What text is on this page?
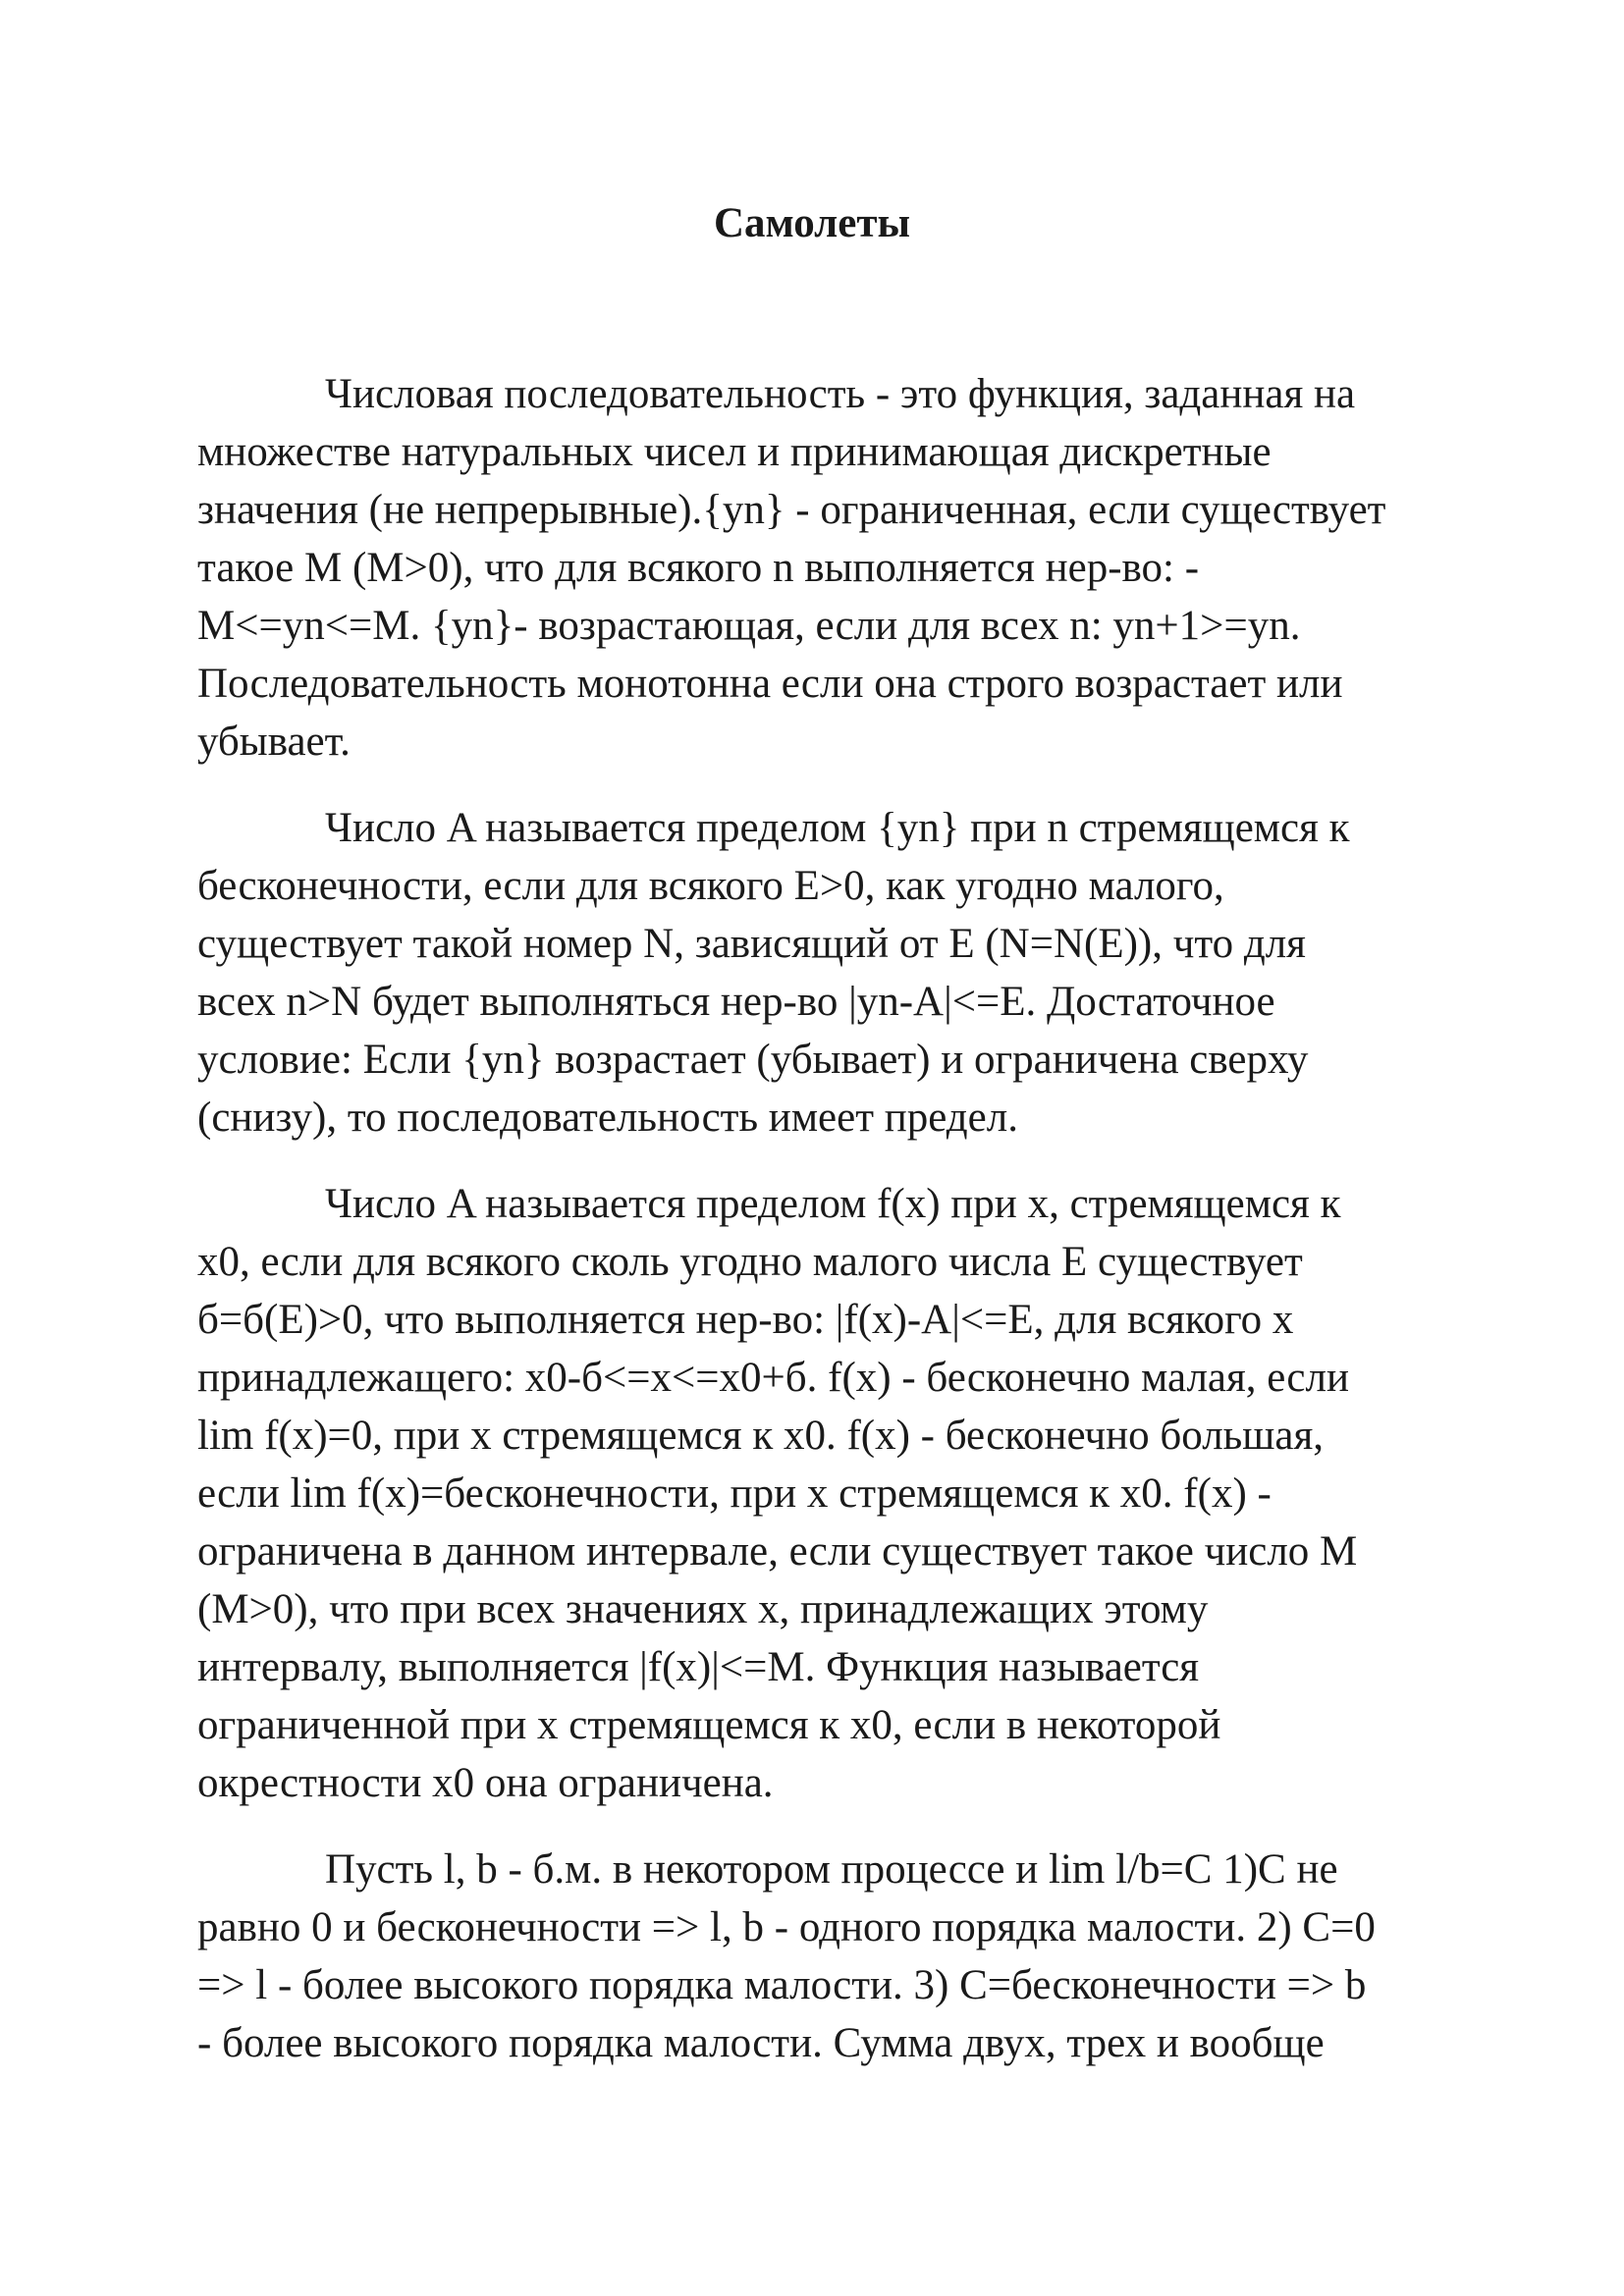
Самолеты

Числовая последовательность - это функция, заданная на
множестве натуральных чисел и принимающая дискретные
значения (не непрерывные).{yn} - ограниченная, если существует
такое M (M>0), что для всякого n выполняется нер-во: -
M<=yn<=M. {yn}- возрастающая, если для всех n: yn+1>=yn.
Последовательность монотонна если она строго возрастает или
убывает.

Число A называется пределом {yn} при n стремящемся к
бесконечности, если для всякого E>0, как угодно малого,
существует такой номер N, зависящий от E (N=N(E)), что для
всех n>N будет выполняться нер-во |yn-A|<=E. Достаточное
условие: Если {yn} возрастает (убывает) и ограничена сверху
(снизу), то последовательность имеет предел.

Число A называется пределом f(x) при x, стремящемся к
x0, если для всякого сколь угодно малого числа E существует
б=б(E)>0, что выполняется нер-во: |f(x)-A|<=E, для всякого x
принадлежащего: x0-б<=x<=x0+б. f(x) - бесконечно малая, если
lim f(x)=0, при x стремящемся к x0. f(x) - бесконечно большая,
если lim f(x)=бесконечности, при x стремящемся к x0. f(x) -
ограничена в данном интервале, если существует такое число M
(M>0), что при всех значениях x, принадлежащих этому
интервалу, выполняется |f(x)|<=M. Функция называется
ограниченной при x стремящемся к x0, если в некоторой
окрестности x0 она ограничена.

Пусть l, b - б.м. в некотором процессе и lim l/b=C 1)C не
равно 0 и бесконечности => l, b - одного порядка малости. 2) C=0
=> l - более высокого порядка малости. 3) C=бесконечности => b
- более высокого порядка малости. Сумма двух, трех и вообще
